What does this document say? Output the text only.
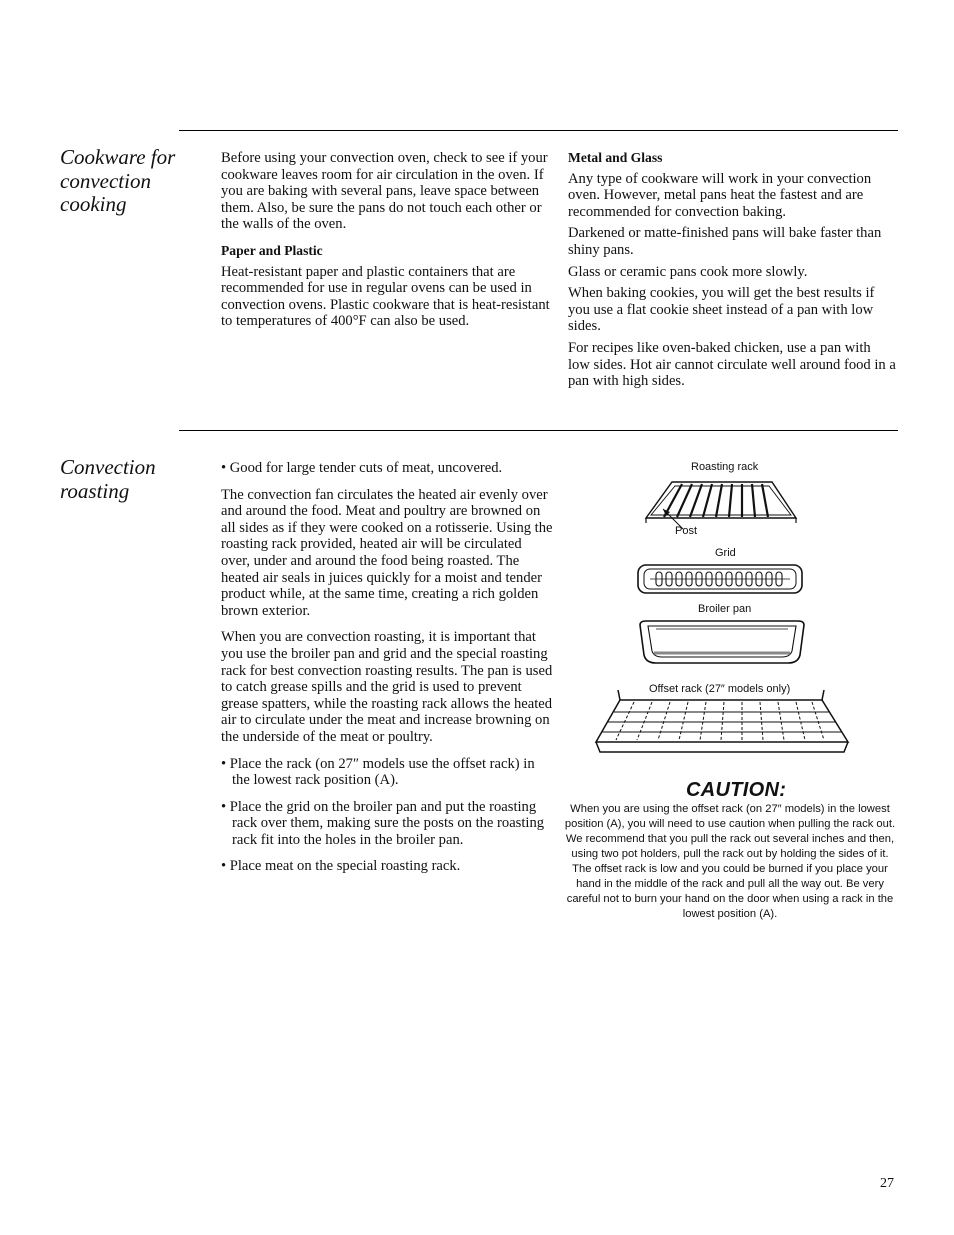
Cookware for
convection
cooking

Before using your convection oven, check to see if your cookware leaves room for air circulation in the oven. If you are baking with several pans, leave space between them. Also, be sure the pans do not touch each other or the walls of the oven.

Paper and Plastic

Heat-resistant paper and plastic containers that are recommended for use in regular ovens can be used in convection ovens. Plastic cookware that is heat-resistant to temperatures of 400°F can also be used.

Metal and Glass

Any type of cookware will work in your convection oven. However, metal pans heat the fastest and are recommended for convection baking.

Darkened or matte-finished pans will bake faster than shiny pans.

Glass or ceramic pans cook more slowly.

When baking cookies, you will get the best results if you use a flat cookie sheet instead of a pan with low sides.

For recipes like oven-baked chicken, use a pan with low sides. Hot air cannot circulate well around food in a pan with high sides.

Convection
roasting

• Good for large tender cuts of meat, uncovered.

The convection fan circulates the heated air evenly over and around the food. Meat and poultry are browned on all sides as if they were cooked on a rotisserie. Using the roasting rack provided, heated air will be circulated over, under and around the food being roasted. The heated air seals in juices quickly for a moist and tender product while, at the same time, creating a rich golden brown exterior.

When you are convection roasting, it is important that you use the broiler pan and grid and the special roasting rack for best convection roasting results. The pan is used to catch grease spills and the grid is used to prevent grease spatters, while the roasting rack allows the heated air to circulate under the meat and increase browning on the underside of the meat or poultry.

• Place the rack (on 27″ models use the offset rack) in the lowest rack position (A).

• Place the grid on the broiler pan and put the roasting rack over them, making sure the posts on the roasting rack fit into the holes in the broiler pan.

• Place meat on the special roasting rack.

Roasting rack
Post
Grid
Broiler pan
Offset rack (27″ models only)
CAUTION:
When you are using the offset rack (on 27″ models) in the lowest position (A), you will need to use caution when pulling the rack out. We recommend that you pull the rack out several inches and then, using two pot holders, pull the rack out by holding the sides of it. The offset rack is low and you could be burned if you place your hand in the middle of the rack and pull all the way out. Be very careful not to burn your hand on the door when using a rack in the lowest position (A).
27
